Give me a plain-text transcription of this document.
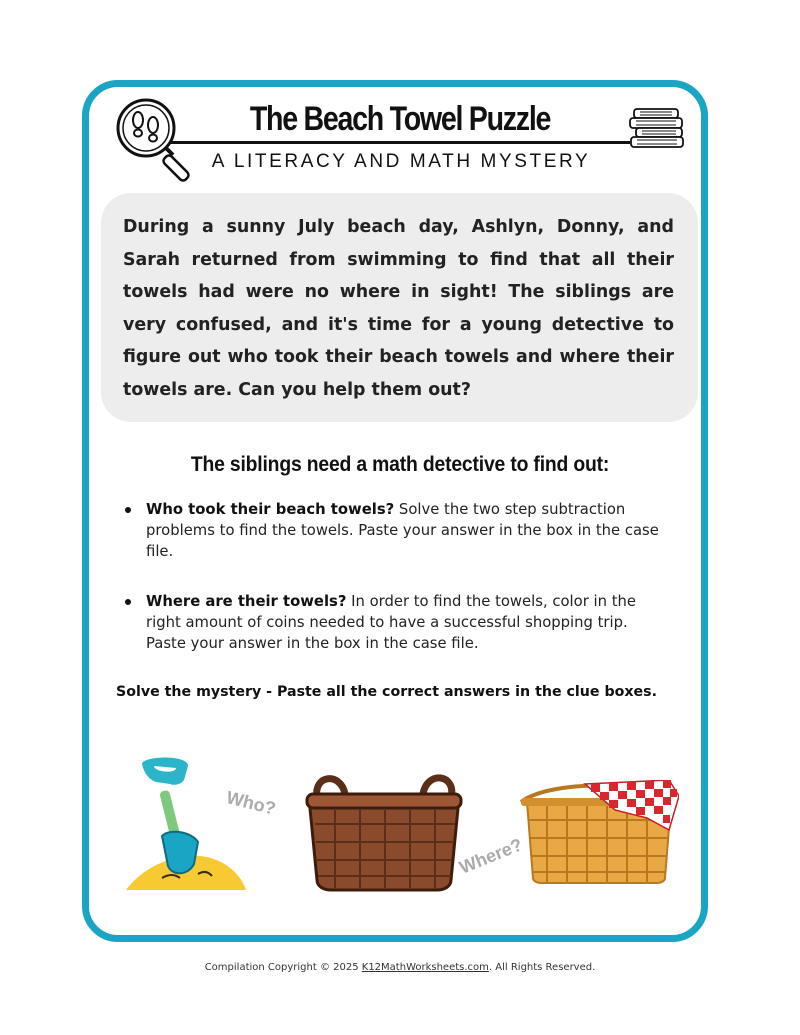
The Beach Towel Puzzle

A LITERACY AND MATH MYSTERY

During a sunny July beach day, Ashlyn, Donny, and Sarah returned from swimming to find that all their towels had were no where in sight! The siblings are very confused, and it's time for a young detective to figure out who took their beach towels and where their towels are. Can you help them out?

The siblings need a math detective to find out:
Who took their beach towels? Solve the two step subtraction problems to find the towels. Paste your answer in the box in the case file.
Where are their towels? In order to find the towels, color in the right amount of coins needed to have a successful shopping trip. Paste your answer in the box in the case file.

Solve the mystery - Paste all the correct answers in the clue boxes.

Who?
Where?

Compilation Copyright © 2025 K12MathWorksheets.com. All Rights Reserved.
